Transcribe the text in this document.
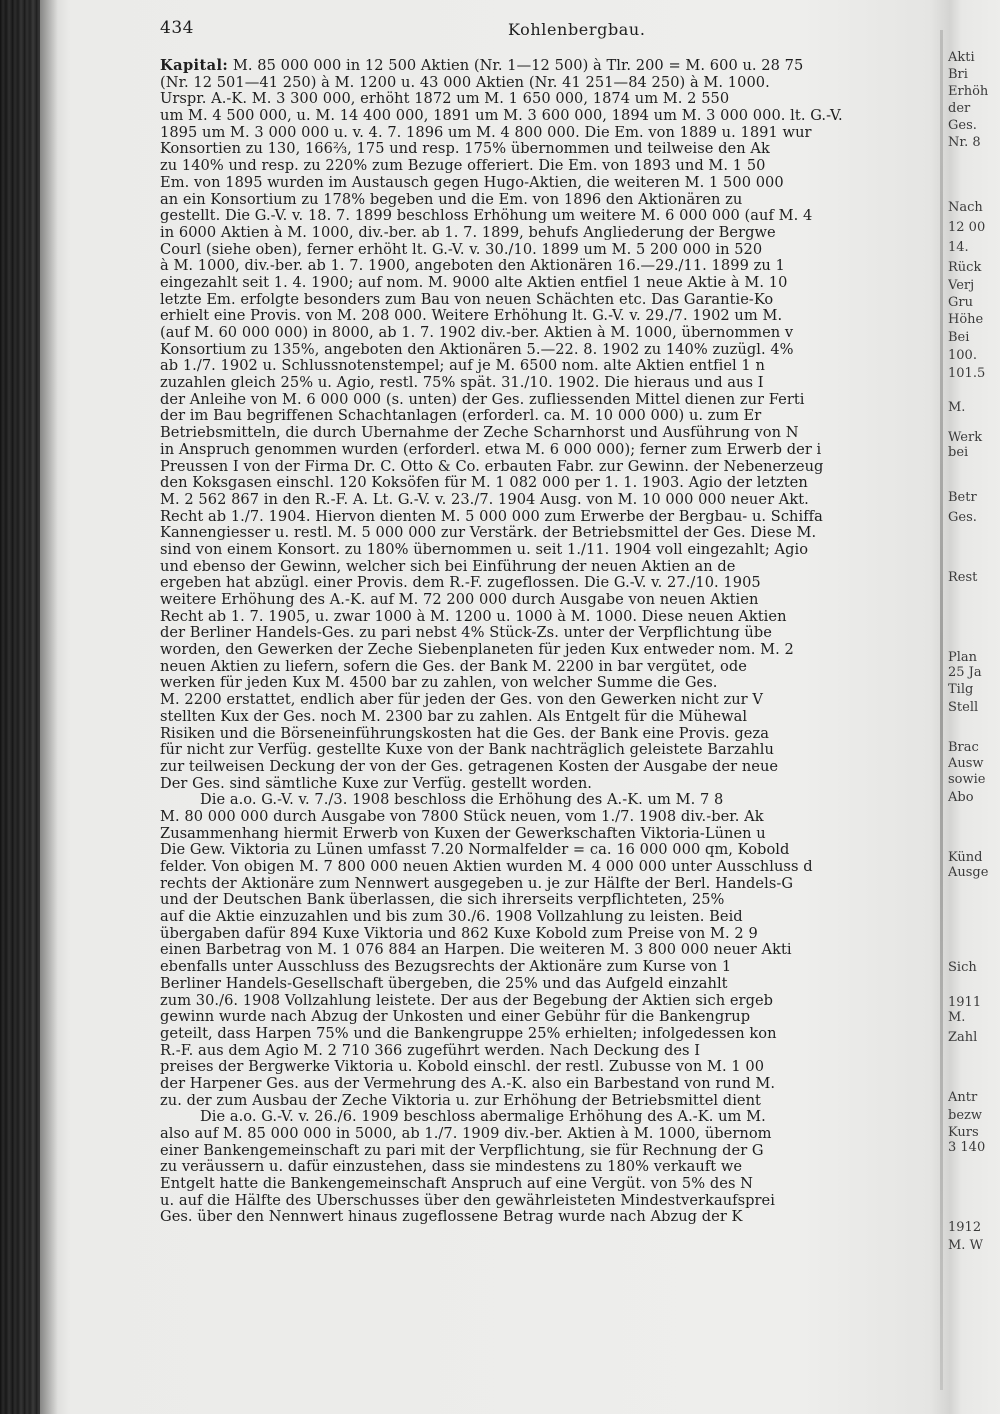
434	Kohlenbergbau.
Kapital: M. 85 000 000 in 12 500 Aktien (Nr. 1—12 500) à Tlr. 200 = M. 600 u. 28 75
(Nr. 12 501—41 250) à M. 1200 u. 43 000 Aktien (Nr. 41 251—84 250) à M. 1000.
Urspr. A.-K. M. 3 300 000, erhöht 1872 um M. 1 650 000, 1874 um M. 2 550
um M. 4 500 000, u. M. 14 400 000, 1891 um M. 3 600 000, 1894 um M. 3 000 000. lt. G.-V.
1895 um M. 3 000 000 u. v. 4. 7. 1896 um M. 4 800 000. Die Em. von 1889 u. 1891 wur
Konsortien zu 130, 166⅔, 175 und resp. 175% übernommen und teilweise den Ak
zu 140% und resp. zu 220% zum Bezuge offeriert. Die Em. von 1893 und M. 1 50
Em. von 1895 wurden im Austausch gegen Hugo-Aktien, die weiteren M. 1 500 000
an ein Konsortium zu 178% begeben und die Em. von 1896 den Aktionären zu
gestellt. Die G.-V. v. 18. 7. 1899 beschloss Erhöhung um weitere M. 6 000 000 (auf M. 4
in 6000 Aktien à M. 1000, div.-ber. ab 1. 7. 1899, behufs Angliederung der Bergwe
Courl (siehe oben), ferner erhöht lt. G.-V. v. 30./10. 1899 um M. 5 200 000 in 520
à M. 1000, div.-ber. ab 1. 7. 1900, angeboten den Aktionären 16.—29./11. 1899 zu 1
eingezahlt seit 1. 4. 1900; auf nom. M. 9000 alte Aktien entfiel 1 neue Aktie à M. 10
letzte Em. erfolgte besonders zum Bau von neuen Schächten etc. Das Garantie-Ko
erhielt eine Provis. von M. 208 000. Weitere Erhöhung lt. G.-V. v. 29./7. 1902 um M.
(auf M. 60 000 000) in 8000, ab 1. 7. 1902 div.-ber. Aktien à M. 1000, übernommen v
Konsortium zu 135%, angeboten den Aktionären 5.—22. 8. 1902 zu 140% zuzügl. 4%
ab 1./7. 1902 u. Schlussnotenstempel; auf je M. 6500 nom. alte Aktien entfiel 1 n
zuzahlen gleich 25% u. Agio, restl. 75% spät. 31./10. 1902. Die hieraus und aus I
der Anleihe von M. 6 000 000 (s. unten) der Ges. zufliessenden Mittel dienen zur Ferti
der im Bau begriffenen Schachtanlagen (erforderl. ca. M. 10 000 000) u. zum Er
Betriebsmitteln, die durch Übernahme der Zeche Scharnhorst und Ausführung von N
in Anspruch genommen wurden (erforderl. etwa M. 6 000 000); ferner zum Erwerb der i
Preussen I von der Firma Dr. C. Otto & Co. erbauten Fabr. zur Gewinn. der Nebenerzeug
den Koksgasen einschl. 120 Koksöfen für M. 1 082 000 per 1. 1. 1903. Agio der letzten
M. 2 562 867 in den R.-F. A. Lt. G.-V. v. 23./7. 1904 Ausg. von M. 10 000 000 neuer Akt.
Recht ab 1./7. 1904. Hiervon dienten M. 5 000 000 zum Erwerbe der Bergbau- u. Schiffa
Kannengiesser u. restl. M. 5 000 000 zur Verstärk. der Betriebsmittel der Ges. Diese M.
sind von einem Konsort. zu 180% übernommen u. seit 1./11. 1904 voll eingezahlt; Agio
und ebenso der Gewinn, welcher sich bei Einführung der neuen Aktien an de
ergeben hat abzügl. einer Provis. dem R.-F. zugeflossen. Die G.-V. v. 27./10. 1905
weitere Erhöhung des A.-K. auf M. 72 200 000 durch Ausgabe von neuen Aktien
Recht ab 1. 7. 1905, u. zwar 1000 à M. 1200 u. 1000 à M. 1000. Diese neuen Aktien
der Berliner Handels-Ges. zu pari nebst 4% Stück-Zs. unter der Verpflichtung übe
worden, den Gewerken der Zeche Siebenplaneten für jeden Kux entweder nom. M. 2
neuen Aktien zu liefern, sofern die Ges. der Bank M. 2200 in bar vergütet, ode
werken für jeden Kux M. 4500 bar zu zahlen, von welcher Summe die Ges.
M. 2200 erstattet, endlich aber für jeden der Ges. von den Gewerken nicht zur V
stellten Kux der Ges. noch M. 2300 bar zu zahlen. Als Entgelt für die Mühewal
Risiken und die Börseneinführungskosten hat die Ges. der Bank eine Provis. geza
für nicht zur Verfüg. gestellte Kuxe von der Bank nachträglich geleistete Barzahlu
zur teilweisen Deckung der von der Ges. getragenen Kosten der Ausgabe der neue
Der Ges. sind sämtliche Kuxe zur Verfüg. gestellt worden.
Die a.o. G.-V. v. 7./3. 1908 beschloss die Erhöhung des A.-K. um M. 7 8
M. 80 000 000 durch Ausgabe von 7800 Stück neuen, vom 1./7. 1908 div.-ber. Ak
Zusammenhang hiermit Erwerb von Kuxen der Gewerkschaften Viktoria-Lünen u
Die Gew. Viktoria zu Lünen umfasst 7.20 Normalfelder = ca. 16 000 000 qm, Kobold
felder. Von obigen M. 7 800 000 neuen Aktien wurden M. 4 000 000 unter Ausschluss d
rechts der Aktionäre zum Nennwert ausgegeben u. je zur Hälfte der Berl. Handels-G
und der Deutschen Bank überlassen, die sich ihrerseits verpflichteten, 25%
auf die Aktie einzuzahlen und bis zum 30./6. 1908 Vollzahlung zu leisten. Beid
übergaben dafür 894 Kuxe Viktoria und 862 Kuxe Kobold zum Preise von M. 2 9
einen Barbetrag von M. 1 076 884 an Harpen. Die weiteren M. 3 800 000 neuer Akti
ebenfalls unter Ausschluss des Bezugsrechts der Aktionäre zum Kurse von 1
Berliner Handels-Gesellschaft übergeben, die 25% und das Aufgeld einzahlt
zum 30./6. 1908 Vollzahlung leistete. Der aus der Begebung der Aktien sich ergeb
gewinn wurde nach Abzug der Unkosten und einer Gebühr für die Bankengrup
geteilt, dass Harpen 75% und die Bankengruppe 25% erhielten; infolgedessen kon
R.-F. aus dem Agio M. 2 710 366 zugeführt werden. Nach Deckung des I
preises der Bergwerke Viktoria u. Kobold einschl. der restl. Zubusse von M. 1 00
der Harpener Ges. aus der Vermehrung des A.-K. also ein Barbestand von rund M.
zu. der zum Ausbau der Zeche Viktoria u. zur Erhöhung der Betriebsmittel dient
Die a.o. G.-V. v. 26./6. 1909 beschloss abermalige Erhöhung des A.-K. um M.
also auf M. 85 000 000 in 5000, ab 1./7. 1909 div.-ber. Aktien à M. 1000, übernom
einer Bankengemeinschaft zu pari mit der Verpflichtung, sie für Rechnung der G
zu veräussern u. dafür einzustehen, dass sie mindestens zu 180% verkauft we
Entgelt hatte die Bankengemeinschaft Anspruch auf eine Vergüt. von 5% des N
u. auf die Hälfte des Überschusses über den gewährleisteten Mindestverkaufsprei
Ges. über den Nennwert hinaus zugeflossene Betrag wurde nach Abzug der K
Akti
Bri
Erhöh
der
Ges.
Nr. 8
Nach
12 00
14.
Rück
Verj
Gru
Höhe
Bei
100.
101.5
M.
Werk
bei
Betr
Ges.
Rest
Plan
25 Ja
Tilg
Stell
Brac
Ausw
sowie
Abo
Künd
Ausge
Sich
1911
M.
Zahl
Antr
bezw
Kurs
3 140
1912
M. W
